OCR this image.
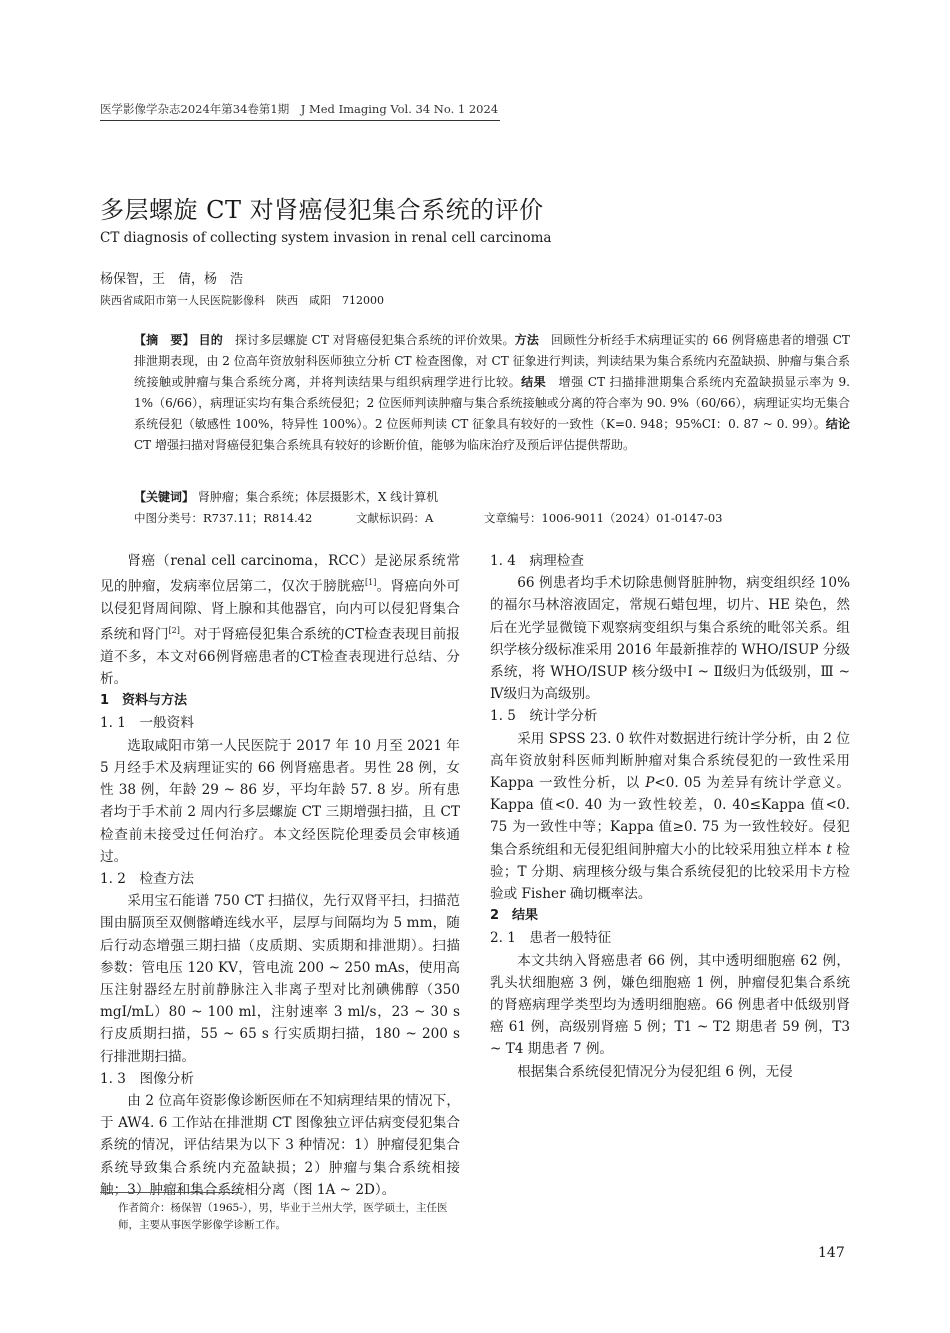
医学影像学杂志2024年第34卷第1期　J Med Imaging Vol. 34 No. 1 2024
多层螺旋 CT 对肾癌侵犯集合系统的评价
CT diagnosis of collecting system invasion in renal cell carcinoma
杨保智，王　倩，杨　浩
陕西省咸阳市第一人民医院影像科　陕西　咸阳　712000
【摘　要】 目的　 探讨多层螺旋 CT 对肾癌侵犯集合系统的评价效果。方法　 回顾性分析经手术病理证实的 66 例肾癌患者的增强 CT 排泄期表现，由 2 位高年资放射科医师独立分析 CT 检查图像，对 CT 征象进行判读，判读结果为集合系统内充盈缺损、肿瘤与集合系统接触或肿瘤与集合系统分离，并将判读结果与组织病理学进行比较。结果　 增强 CT 扫描排泄期集合系统内充盈缺损显示率为 9. 1%（6/66），病理证实均有集合系统侵犯；2 位医师判读肿瘤与集合系统接触或分离的符合率为 90. 9%（60/66），病理证实均无集合系统侵犯（敏感性 100%，特异性 100%）。2 位医师判读 CT 征象具有较好的一致性（K=0. 948；95%CI：0. 87 ~ 0. 99）。结论　CT 增强扫描对肾癌侵犯集合系统具有较好的诊断价值，能够为临床治疗及预后评估提供帮助。
【关键词】 肾肿瘤；集合系统；体层摄影术，X 线计算机
中图分类号：R737.11；R814.42	文献标识码：A	文章编号：1006-9011（2024）01-0147-03

肾癌（renal cell carcinoma，RCC）是泌尿系统常见的肿瘤，发病率位居第二，仅次于膀胱癌[1]。肾癌向外可以侵犯肾周间隙、肾上腺和其他器官，向内可以侵犯肾集合系统和肾门[2]。对于肾癌侵犯集合系统的CT检查表现目前报道不多，本文对66例肾癌患者的CT检查表现进行总结、分析。

1　资料与方法
1. 1　一般资料

选取咸阳市第一人民医院于 2017 年 10 月至 2021 年 5 月经手术及病理证实的 66 例肾癌患者。男性 28 例，女性 38 例，年龄 29 ~ 86 岁，平均年龄 57. 8 岁。所有患者均于手术前 2 周内行多层螺旋 CT 三期增强扫描，且 CT 检查前未接受过任何治疗。本文经医院伦理委员会审核通过。

1. 2　检查方法

采用宝石能谱 750 CT 扫描仪，先行双肾平扫，扫描范围由膈顶至双侧髂嵴连线水平，层厚与间隔均为 5 mm，随后行动态增强三期扫描（皮质期、实质期和排泄期）。扫描参数：管电压 120 KV，管电流 200 ~ 250 mAs，使用高压注射器经左肘前静脉注入非离子型对比剂碘佛醇（350 mgI/mL）80 ~ 100 ml，注射速率 3 ml/s，23 ~ 30 s 行皮质期扫描，55 ~ 65 s 行实质期扫描，180 ~ 200 s 行排泄期扫描。

1. 3　图像分析

由 2 位高年资影像诊断医师在不知病理结果的情况下，于 AW4. 6 工作站在排泄期 CT 图像独立评估病变侵犯集合系统的情况，评估结果为以下 3 种情况：1）肿瘤侵犯集合系统导致集合系统内充盈缺损；2）肿瘤与集合系统相接触；3）肿瘤和集合系统相分离（图 1A ~ 2D）。

1. 4　病理检查

66 例患者均手术切除患侧肾脏肿物，病变组织经 10% 的福尔马林溶液固定，常规石蜡包埋，切片、HE 染色，然后在光学显微镜下观察病变组织与集合系统的毗邻关系。组织学核分级标准采用 2016 年最新推荐的 WHO/ISUP 分级系统，将 WHO/ISUP 核分级中Ⅰ ~ Ⅱ级归为低级别，Ⅲ ~ Ⅳ级归为高级别。

1. 5　统计学分析

采用 SPSS 23. 0 软件对数据进行统计学分析，由 2 位高年资放射科医师判断肿瘤对集合系统侵犯的一致性采用 Kappa 一致性分析，以 P<0. 05 为差异有统计学意义。Kappa 值<0. 40 为一致性较差，0. 40≤Kappa 值<0. 75 为一致性中等；Kappa 值≥0. 75 为一致性较好。侵犯集合系统组和无侵犯组间肿瘤大小的比较采用独立样本 t 检验；T 分期、病理核分级与集合系统侵犯的比较采用卡方检验或 Fisher 确切概率法。

2　结果
2. 1　患者一般特征

本文共纳入肾癌患者 66 例，其中透明细胞癌 62 例，乳头状细胞癌 3 例，嫌色细胞癌 1 例，肿瘤侵犯集合系统的肾癌病理学类型均为透明细胞癌。66 例患者中低级别肾癌 61 例，高级别肾癌 5 例；T1 ~ T2 期患者 59 例，T3 ~ T4 期患者 7 例。

根据集合系统侵犯情况分为侵犯组 6 例，无侵

作者简介：杨保智（1965-），男，毕业于兰州大学，医学硕士，主任医师，主要从事医学影像学诊断工作。
147
